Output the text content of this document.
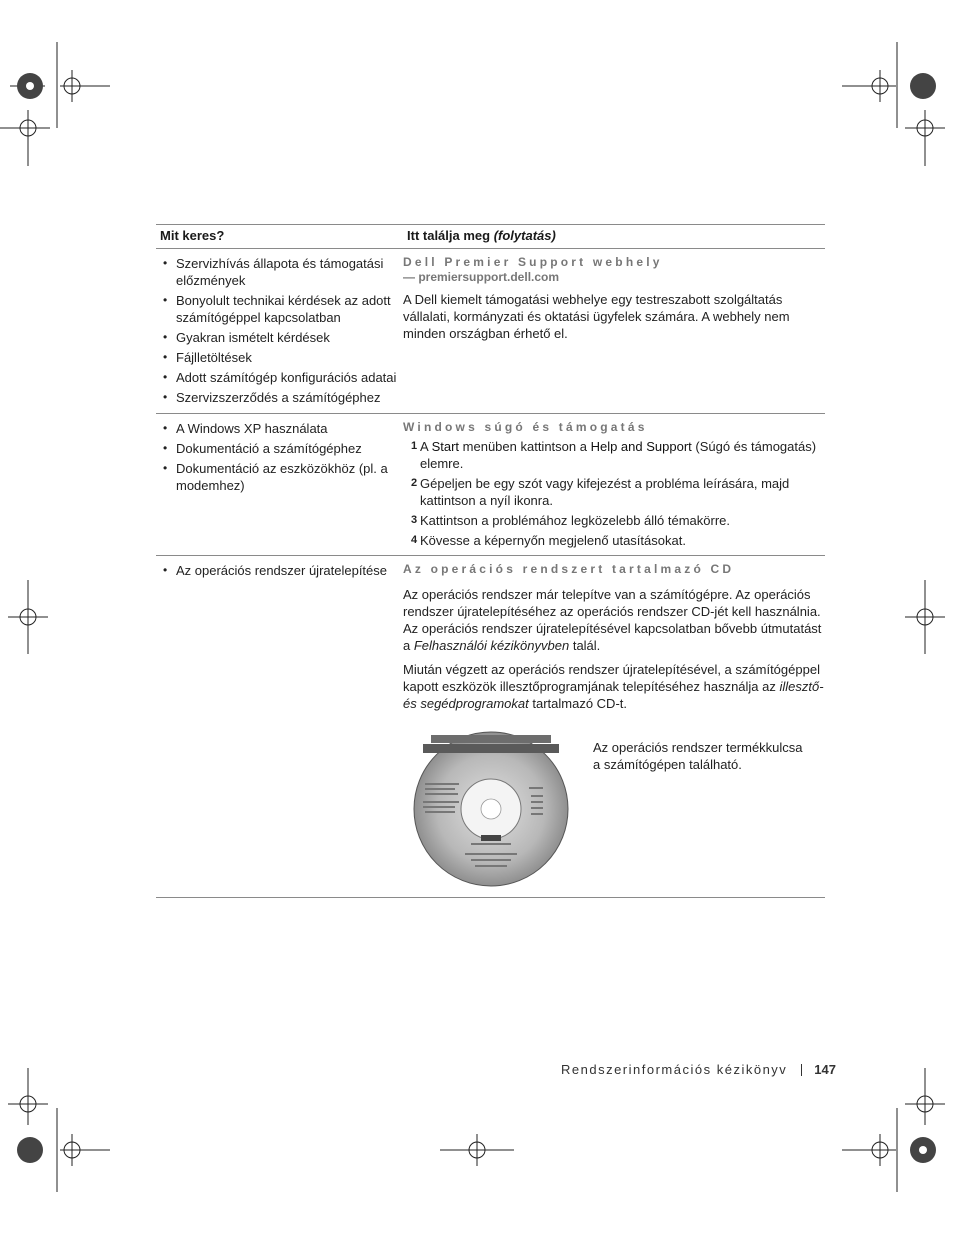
Mit keres?	Itt találja meg (folytatás)
• Szervizhívás állapota és támogatási előzmények
• Bonyolult technikai kérdések az adott számítógéppel kapcsolatban
• Gyakran ismételt kérdések
• Fájlletöltések
• Adott számítógép konfigurációs adatai
• Szervizszerződés a számítógéphez
Dell Premier Support webhely
— premiersupport.dell.com

A Dell kiemelt támogatási webhelye egy testreszabott szolgáltatás vállalati, kormányzati és oktatási ügyfelek számára. A webhely nem minden országban érhető el.

• A Windows XP használata
• Dokumentáció a számítógéphez
• Dokumentáció az eszközökhöz (pl. a modemhez)
Windows súgó és támogatás
1 A Start menüben kattintson a Help and Support (Súgó és támogatás) elemre.
2 Gépeljen be egy szót vagy kifejezést a probléma leírására, majd kattintson a nyíl ikonra.
3 Kattintson a problémához legközelebb álló témakörre.
4 Kövesse a képernyőn megjelenő utasításokat.
• Az operációs rendszer újratelepítése	Az operációs rendszert tartalmazó CD

Az operációs rendszer már telepítve van a számítógépre. Az operációs rendszer újratelepítéséhez az operációs rendszer CD-jét kell használnia. Az operációs rendszer újratelepítésével kapcsolatban bővebb útmutatást a Felhasználói kézikönyvben talál.

Miután végzett az operációs rendszer újratelepítésével, a számítógéppel kapott eszközök illesztőprogramjának telepítéséhez használja az illesztő- és segédprogramokat tartalmazó CD-t.

Az operációs rendszer termékkulcsa a számítógépen található.
Rendszerinformációs kézikönyv 147
